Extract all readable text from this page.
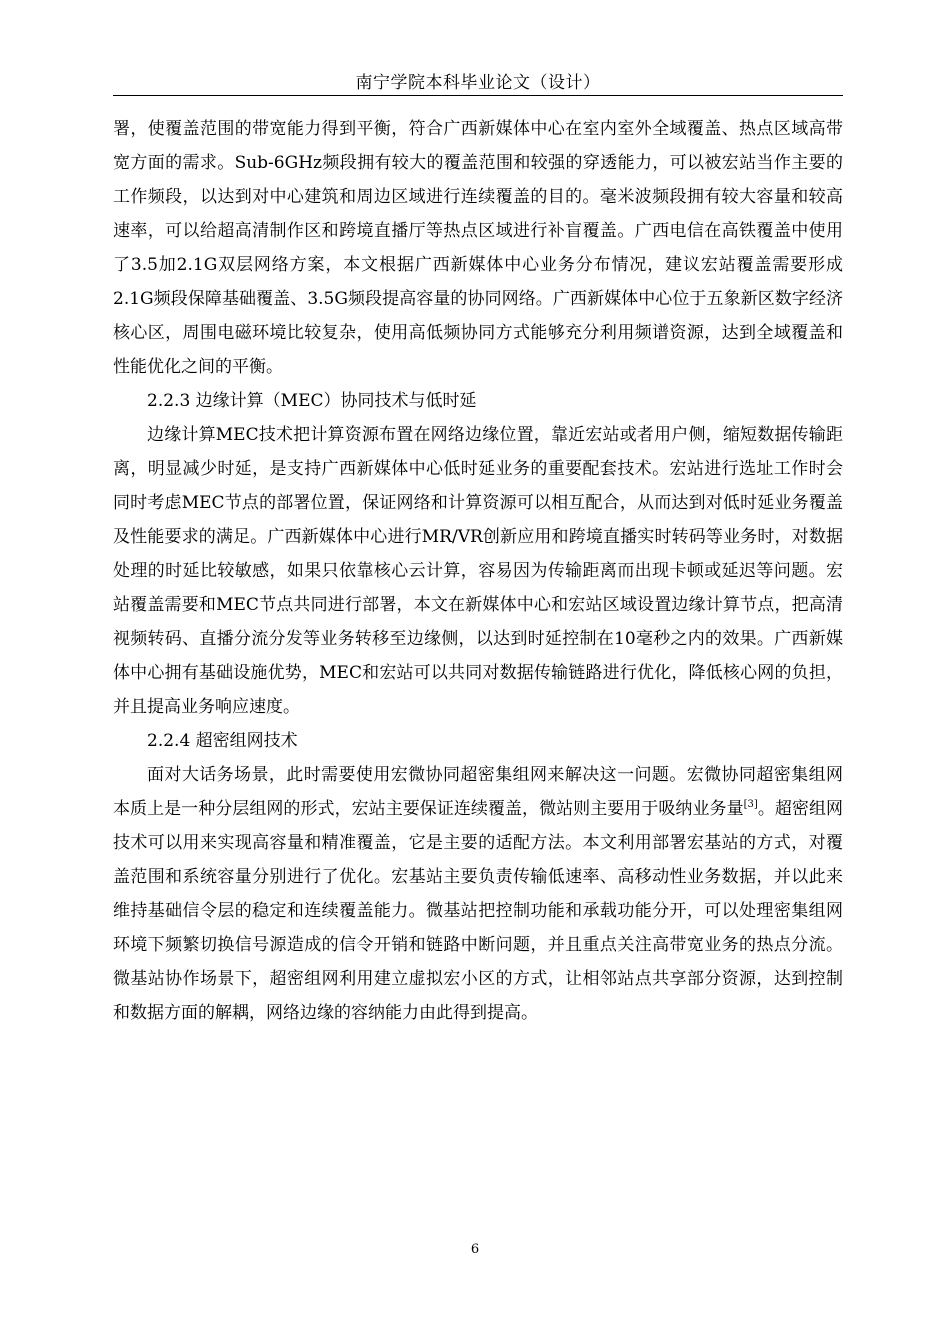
南宁学院本科毕业论文（设计）

署，使覆盖范围的带宽能力得到平衡，符合广西新媒体中心在室内室外全域覆盖、热点区域高带宽方面的需求。Sub-6GHz频段拥有较大的覆盖范围和较强的穿透能力，可以被宏站当作主要的工作频段，以达到对中心建筑和周边区域进行连续覆盖的目的。毫米波频段拥有较大容量和较高速率，可以给超高清制作区和跨境直播厅等热点区域进行补盲覆盖。广西电信在高铁覆盖中使用了3.5加2.1G双层网络方案，本文根据广西新媒体中心业务分布情况，建议宏站覆盖需要形成2.1G频段保障基础覆盖、3.5G频段提高容量的协同网络。广西新媒体中心位于五象新区数字经济核心区，周围电磁环境比较复杂，使用高低频协同方式能够充分利用频谱资源，达到全域覆盖和性能优化之间的平衡。

2.2.3 边缘计算（MEC）协同技术与低时延

边缘计算MEC技术把计算资源布置在网络边缘位置，靠近宏站或者用户侧，缩短数据传输距离，明显减少时延，是支持广西新媒体中心低时延业务的重要配套技术。宏站进行选址工作时会同时考虑MEC节点的部署位置，保证网络和计算资源可以相互配合，从而达到对低时延业务覆盖及性能要求的满足。广西新媒体中心进行MR/VR创新应用和跨境直播实时转码等业务时，对数据处理的时延比较敏感，如果只依靠核心云计算，容易因为传输距离而出现卡顿或延迟等问题。宏站覆盖需要和MEC节点共同进行部署，本文在新媒体中心和宏站区域设置边缘计算节点，把高清视频转码、直播分流分发等业务转移至边缘侧，以达到时延控制在10毫秒之内的效果。广西新媒体中心拥有基础设施优势，MEC和宏站可以共同对数据传输链路进行优化，降低核心网的负担，并且提高业务响应速度。

2.2.4 超密组网技术

面对大话务场景，此时需要使用宏微协同超密集组网来解决这一问题。宏微协同超密集组网本质上是一种分层组网的形式，宏站主要保证连续覆盖，微站则主要用于吸纳业务量[3]。超密组网技术可以用来实现高容量和精准覆盖，它是主要的适配方法。本文利用部署宏基站的方式，对覆盖范围和系统容量分别进行了优化。宏基站主要负责传输低速率、高移动性业务数据，并以此来维持基础信令层的稳定和连续覆盖能力。微基站把控制功能和承载功能分开，可以处理密集组网环境下频繁切换信号源造成的信令开销和链路中断问题，并且重点关注高带宽业务的热点分流。微基站协作场景下，超密组网利用建立虚拟宏小区的方式，让相邻站点共享部分资源，达到控制和数据方面的解耦，网络边缘的容纳能力由此得到提高。

6
